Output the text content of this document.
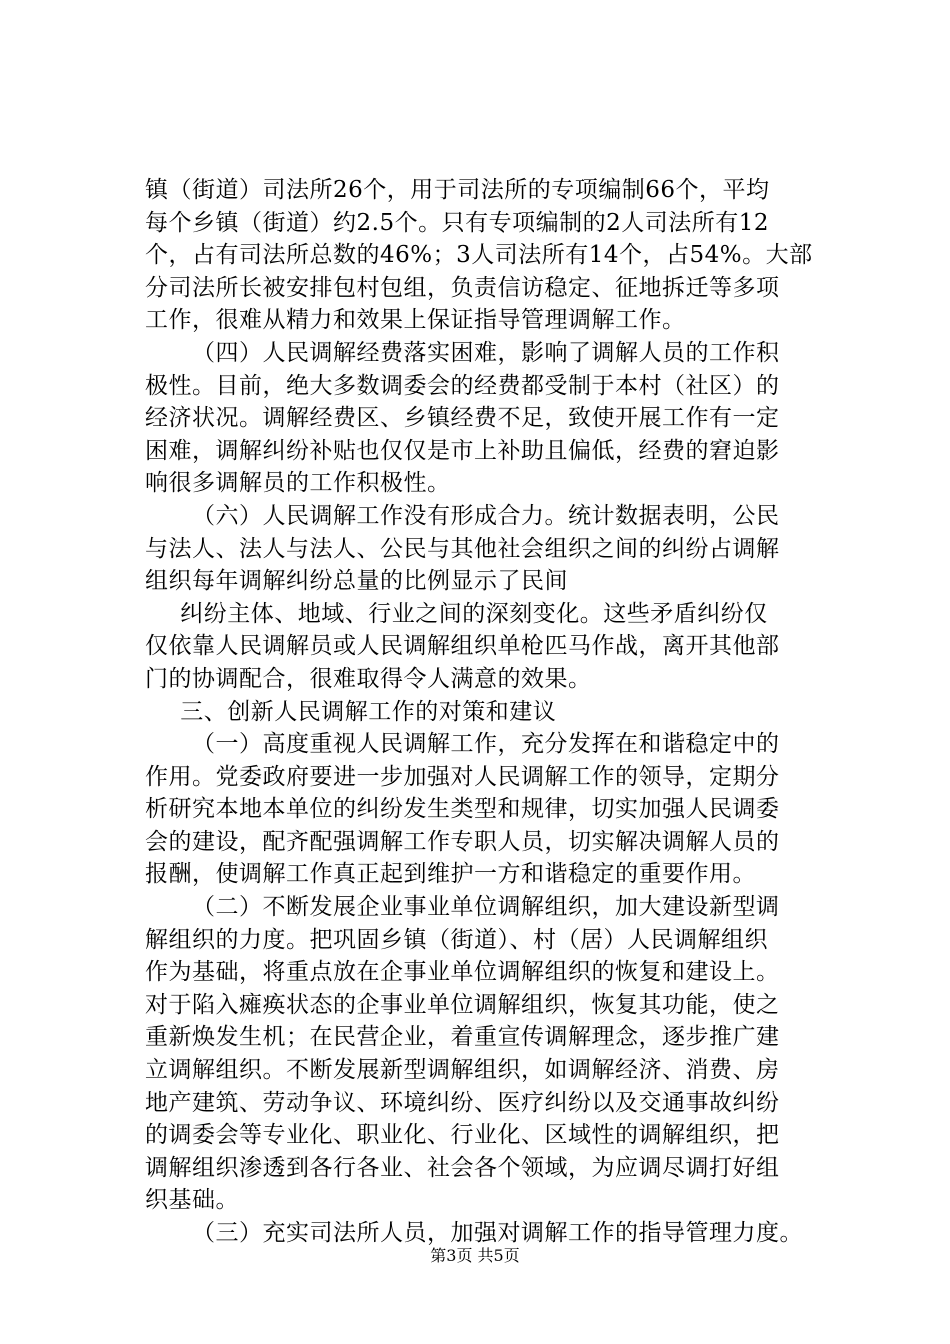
镇（街道）司法所26个，用于司法所的专项编制66个，平均
每个乡镇（街道）约2.5个。只有专项编制的2人司法所有12
个，占有司法所总数的46%；3人司法所有14个，占54%。大部
分司法所长被安排包村包组，负责信访稳定、征地拆迁等多项
工作，很难从精力和效果上保证指导管理调解工作。
（四）人民调解经费落实困难，影响了调解人员的工作积
极性。目前，绝大多数调委会的经费都受制于本村（社区）的
经济状况。调解经费区、乡镇经费不足，致使开展工作有一定
困难，调解纠纷补贴也仅仅是市上补助且偏低，经费的窘迫影
响很多调解员的工作积极性。
（六）人民调解工作没有形成合力。统计数据表明，公民
与法人、法人与法人、公民与其他社会组织之间的纠纷占调解
组织每年调解纠纷总量的比例显示了民间
纠纷主体、地域、行业之间的深刻变化。这些矛盾纠纷仅
仅依靠人民调解员或人民调解组织单枪匹马作战，离开其他部
门的协调配合，很难取得令人满意的效果。
三、创新人民调解工作的对策和建议
（一）高度重视人民调解工作，充分发挥在和谐稳定中的
作用。党委政府要进一步加强对人民调解工作的领导，定期分
析研究本地本单位的纠纷发生类型和规律，切实加强人民调委
会的建设，配齐配强调解工作专职人员，切实解决调解人员的
报酬，使调解工作真正起到维护一方和谐稳定的重要作用。
（二）不断发展企业事业单位调解组织，加大建设新型调
解组织的力度。把巩固乡镇（街道）、村（居）人民调解组织
作为基础，将重点放在企事业单位调解组织的恢复和建设上。
对于陷入瘫痪状态的企事业单位调解组织，恢复其功能，使之
重新焕发生机；在民营企业，着重宣传调解理念，逐步推广建
立调解组织。不断发展新型调解组织，如调解经济、消费、房
地产建筑、劳动争议、环境纠纷、医疗纠纷以及交通事故纠纷
的调委会等专业化、职业化、行业化、区域性的调解组织，把
调解组织渗透到各行各业、社会各个领域，为应调尽调打好组
织基础。
（三）充实司法所人员，加强对调解工作的指导管理力度。
第3页 共5页
